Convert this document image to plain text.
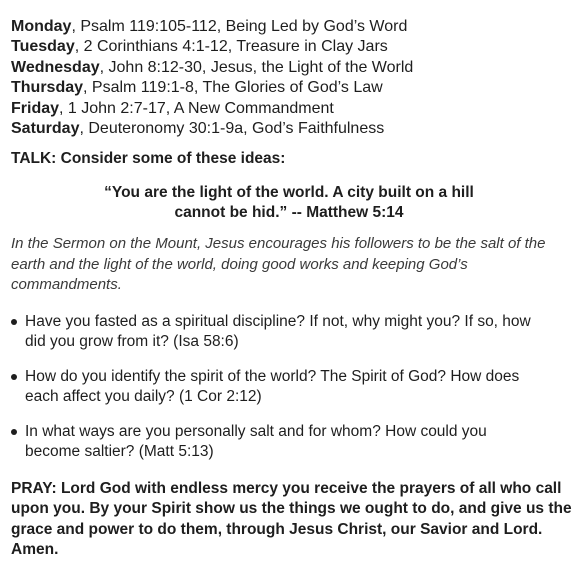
Monday, Psalm 119:105-112, Being Led by God’s Word
Tuesday, 2 Corinthians 4:1-12, Treasure in Clay Jars
Wednesday, John 8:12-30, Jesus, the Light of the World
Thursday, Psalm 119:1-8, The Glories of God’s Law
Friday, 1 John 2:7-17, A New Commandment
Saturday, Deuteronomy 30:1-9a, God’s Faithfulness
TALK: Consider some of these ideas:
“You are the light of the world. A city built on a hill
cannot be hid.” -- Matthew 5:14
In the Sermon on the Mount, Jesus encourages his followers to be the salt of the
earth and the light of the world, doing good works and keeping God’s
commandments.
Have you fasted as a spiritual discipline? If not, why might you? If so, how
did you grow from it? (Isa 58:6)
How do you identify the spirit of the world? The Spirit of God? How does
each affect you daily? (1 Cor 2:12)
In what ways are you personally salt and for whom? How could you
become saltier? (Matt 5:13)
PRAY: Lord God with endless mercy you receive the prayers of all who call
upon you. By your Spirit show us the things we ought to do, and give us the
grace and power to do them, through Jesus Christ, our Savior and Lord.
Amen.
